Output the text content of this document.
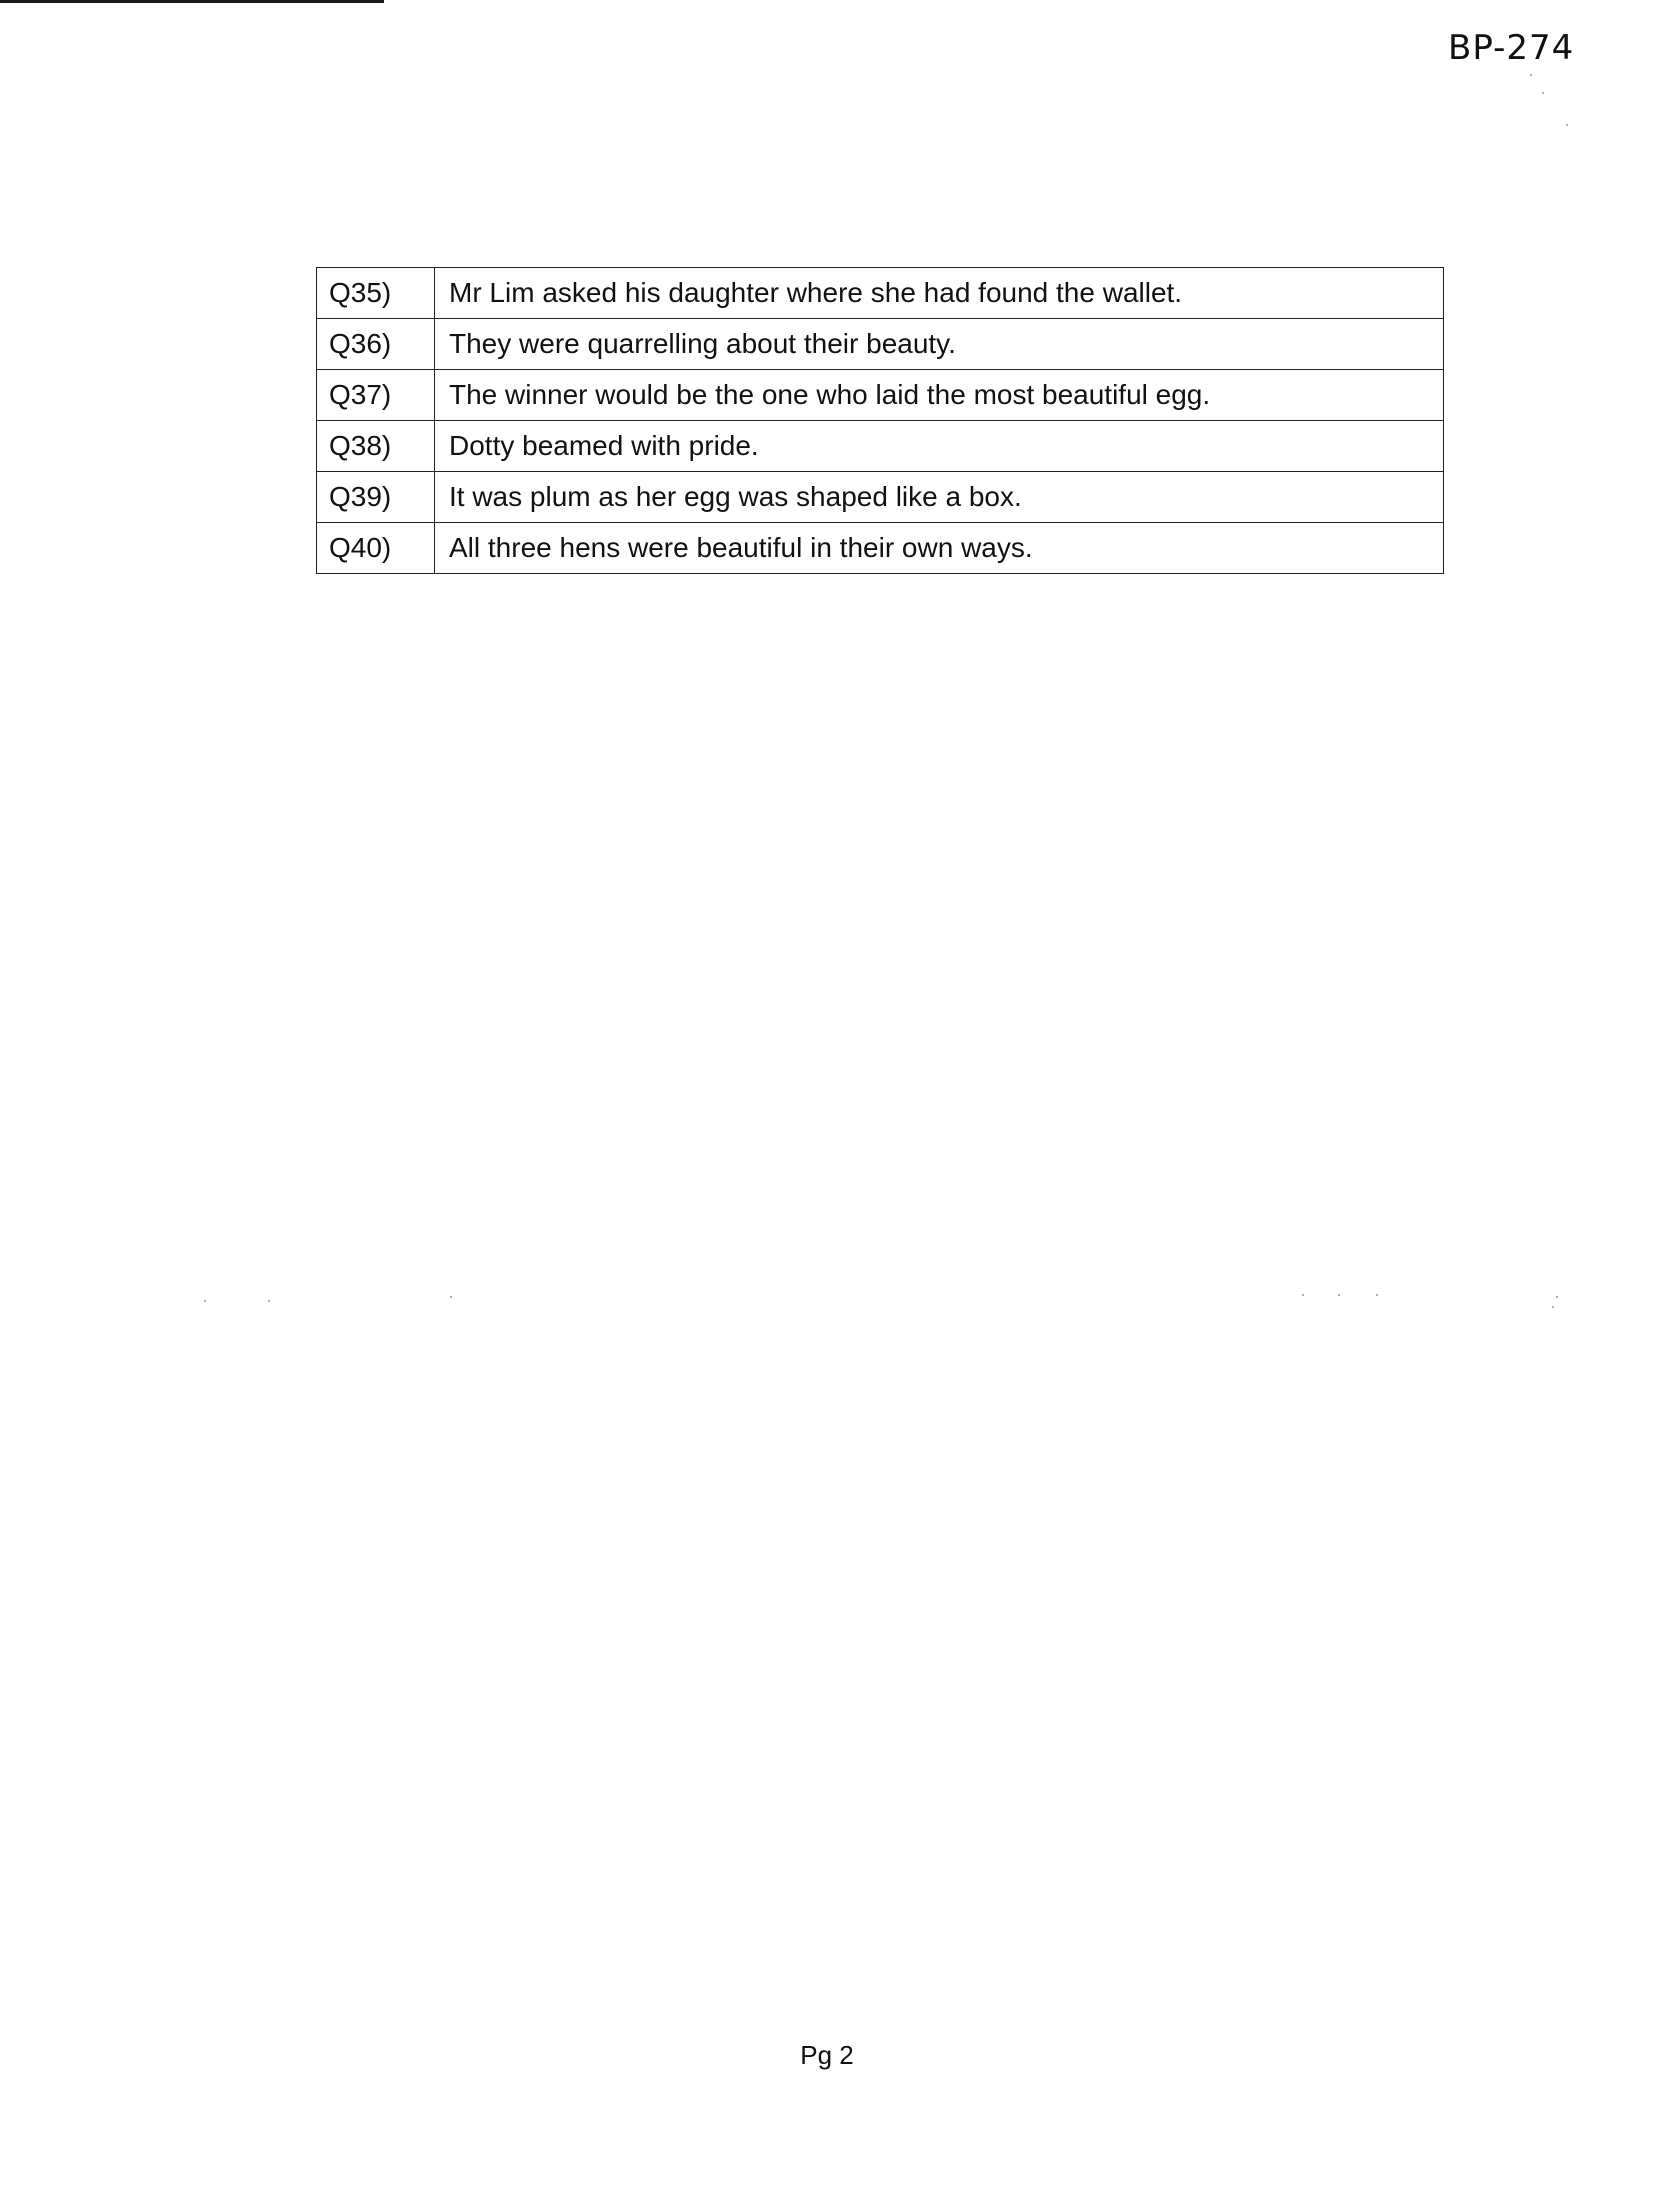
BP-274
Q35)	Mr Lim asked his daughter where she had found the wallet.
Q36)	They were quarrelling about their beauty.
Q37)	The winner would be the one who laid the most beautiful egg.
Q38)	Dotty beamed with pride.
Q39)	It was plum as her egg was shaped like a box.
Q40)	All three hens were beautiful in their own ways.
Pg 2
